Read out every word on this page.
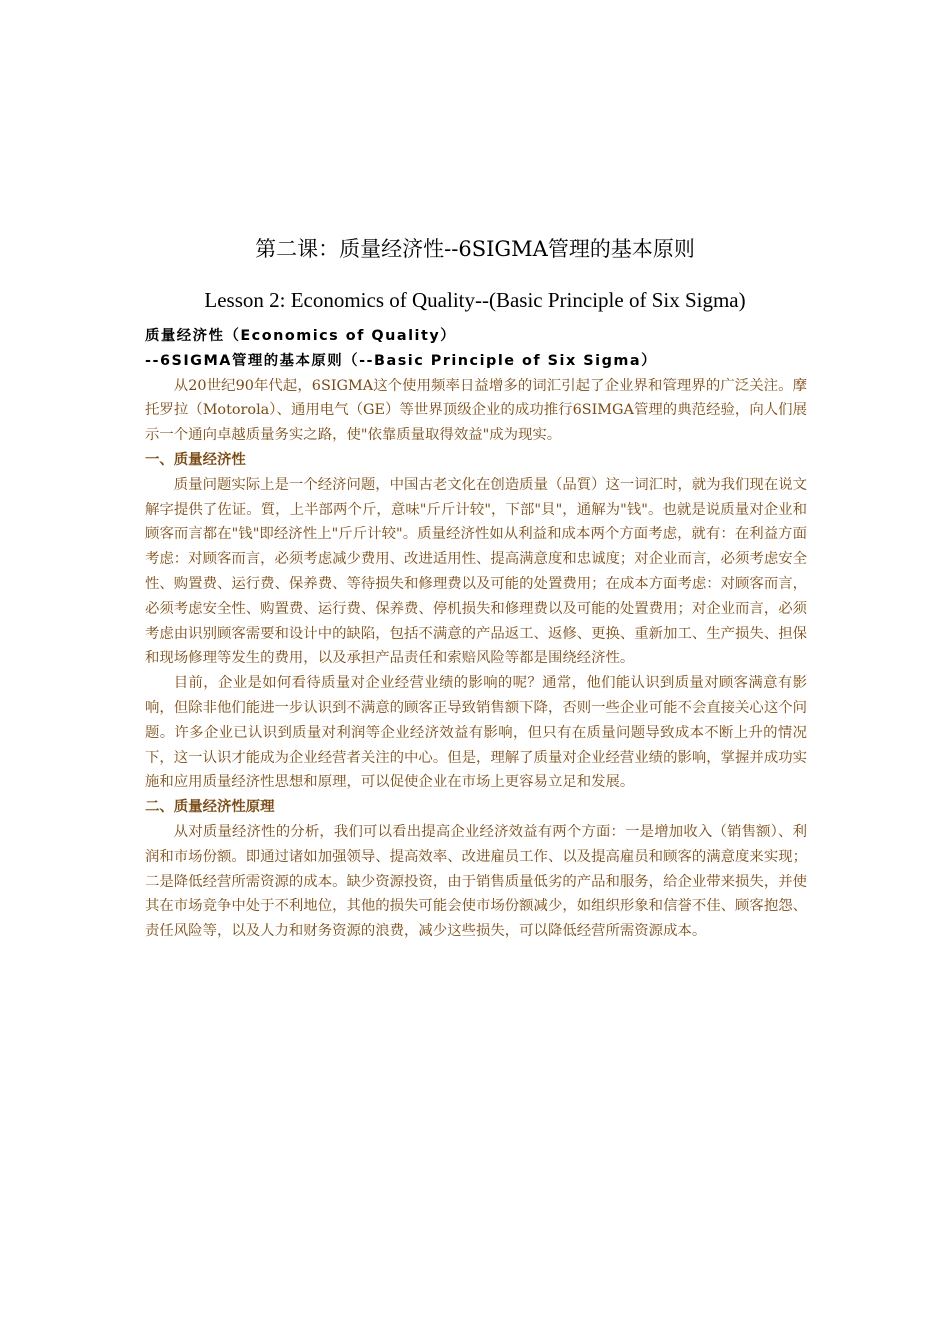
第二课：质量经济性--6SIGMA管理的基本原则
Lesson 2: Economics of Quality--(Basic Principle of Six Sigma)

质量经济性（Economics of Quality）

--6SIGMA管理的基本原则（--Basic Principle of Six Sigma）

从20世纪90年代起，6SIGMA这个使用频率日益增多的词汇引起了企业界和管理界的广泛关注。摩托罗拉（Motorola）、通用电气（GE）等世界顶级企业的成功推行6SIMGA管理的典范经验，向人们展示一个通向卓越质量务实之路，使"依靠质量取得效益"成为现实。

一、质量经济性

质量问题实际上是一个经济问题，中国古老文化在创造质量（品質）这一词汇时，就为我们现在说文解字提供了佐证。質，上半部两个斤，意味"斤斤计较"，下部"貝"，通解为"钱"。也就是说质量对企业和顾客而言都在"钱"即经济性上"斤斤计较"。质量经济性如从利益和成本两个方面考虑，就有：在利益方面考虑：对顾客而言，必须考虑减少费用、改进适用性、提高满意度和忠诚度；对企业而言，必须考虑安全性、购置费、运行费、保养费、等待损失和修理费以及可能的处置费用；在成本方面考虑：对顾客而言，必须考虑安全性、购置费、运行费、保养费、停机损失和修理费以及可能的处置费用；对企业而言，必须考虑由识别顾客需要和设计中的缺陷，包括不满意的产品返工、返修、更换、重新加工、生产损失、担保和现场修理等发生的费用，以及承担产品责任和索赔风险等都是围绕经济性。

目前，企业是如何看待质量对企业经营业绩的影响的呢？通常，他们能认识到质量对顾客满意有影响，但除非他们能进一步认识到不满意的顾客正导致销售额下降，否则一些企业可能不会直接关心这个问题。许多企业已认识到质量对利润等企业经济效益有影响，但只有在质量问题导致成本不断上升的情况下，这一认识才能成为企业经营者关注的中心。但是，理解了质量对企业经营业绩的影响，掌握并成功实施和应用质量经济性思想和原理，可以促使企业在市场上更容易立足和发展。

二、质量经济性原理

从对质量经济性的分析，我们可以看出提高企业经济效益有两个方面：一是增加收入（销售额）、利润和市场份额。即通过诸如加强领导、提高效率、改进雇员工作、以及提高雇员和顾客的满意度来实现；二是降低经营所需资源的成本。缺少资源投资，由于销售质量低劣的产品和服务，给企业带来损失，并使其在市场竞争中处于不利地位，其他的损失可能会使市场份额减少，如组织形象和信誉不佳、顾客抱怨、责任风险等，以及人力和财务资源的浪费，减少这些损失，可以降低经营所需资源成本。
